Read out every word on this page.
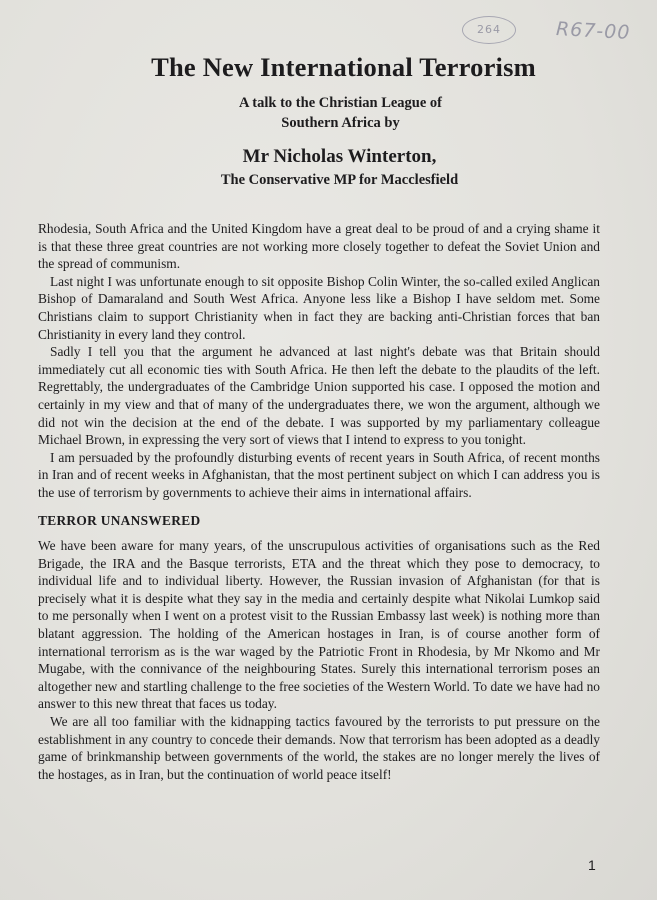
264	R67-00
The New International Terrorism
A talk to the Christian League of
Southern Africa by
Mr Nicholas Winterton,
The Conservative MP for Macclesfield

Rhodesia, South Africa and the United Kingdom have a great deal to be proud of and a crying shame it is that these three great countries are not working more closely together to defeat the Soviet Union and the spread of communism.

Last night I was unfortunate enough to sit opposite Bishop Colin Winter, the so-called exiled Anglican Bishop of Damaraland and South West Africa. Anyone less like a Bishop I have seldom met. Some Christians claim to support Christianity when in fact they are backing anti-Christian forces that ban Christianity in every land they control.

Sadly I tell you that the argument he advanced at last night's debate was that Britain should immediately cut all economic ties with South Africa. He then left the debate to the plaudits of the left. Regrettably, the undergraduates of the Cambridge Union supported his case. I opposed the motion and certainly in my view and that of many of the undergraduates there, we won the argument, although we did not win the decision at the end of the debate. I was supported by my parliamentary colleague Michael Brown, in expressing the very sort of views that I intend to express to you tonight.

I am persuaded by the profoundly disturbing events of recent years in South Africa, of recent months in Iran and of recent weeks in Afghanistan, that the most pertinent subject on which I can address you is the use of terrorism by governments to achieve their aims in international affairs.

TERROR UNANSWERED

We have been aware for many years, of the unscrupulous activities of organisations such as the Red Brigade, the IRA and the Basque terrorists, ETA and the threat which they pose to democracy, to individual life and to individual liberty. However, the Russian invasion of Afghanistan (for that is precisely what it is despite what they say in the media and certainly despite what Nikolai Lumkop said to me personally when I went on a protest visit to the Russian Embassy last week) is nothing more than blatant aggression. The holding of the American hostages in Iran, is of course another form of international terrorism as is the war waged by the Patriotic Front in Rhodesia, by Mr Nkomo and Mr Mugabe, with the connivance of the neighbouring States. Surely this international terrorism poses an altogether new and startling challenge to the free societies of the Western World. To date we have had no answer to this new threat that faces us today.

We are all too familiar with the kidnapping tactics favoured by the terrorists to put pressure on the establishment in any country to concede their demands. Now that terrorism has been adopted as a deadly game of brinkmanship between governments of the world, the stakes are no longer merely the lives of the hostages, as in Iran, but the continuation of world peace itself!

1
